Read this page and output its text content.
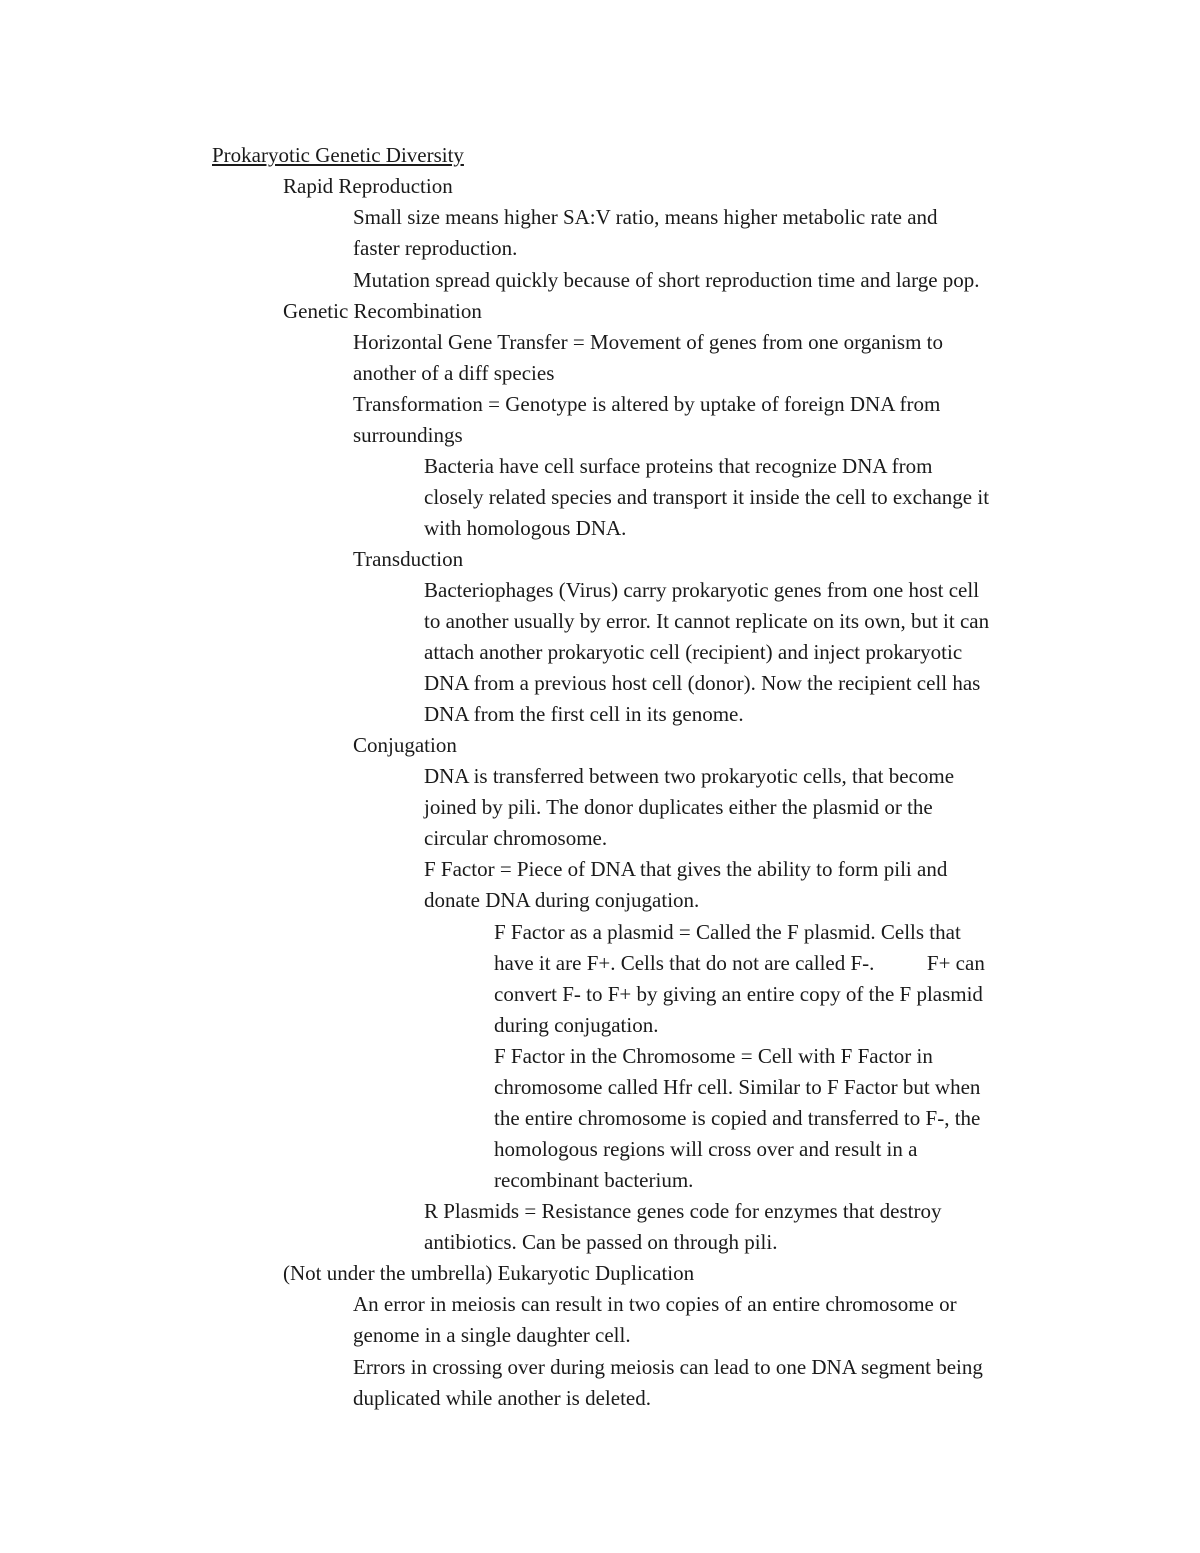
Prokaryotic Genetic Diversity
Rapid Reproduction
Small size means higher SA:V ratio, means higher metabolic rate and
faster reproduction.
Mutation spread quickly because of short reproduction time and large pop.
Genetic Recombination
Horizontal Gene Transfer = Movement of genes from one organism to
another of a diff species
Transformation = Genotype is altered by uptake of foreign DNA from
surroundings
Bacteria have cell surface proteins that recognize DNA from
closely related species and transport it inside the cell to exchange it
with homologous DNA.
Transduction
Bacteriophages (Virus) carry prokaryotic genes from one host cell
to another usually by error. It cannot replicate on its own, but it can
attach another prokaryotic cell (recipient) and inject prokaryotic
DNA from a previous host cell (donor). Now the recipient cell has
DNA from the first cell in its genome.
Conjugation
DNA is transferred between two prokaryotic cells, that become
joined by pili. The donor duplicates either the plasmid or the
circular chromosome.
F Factor = Piece of DNA that gives the ability to form pili and
donate DNA during conjugation.
F Factor as a plasmid = Called the F plasmid. Cells that
have it are F+. Cells that do not are called F-.          F+ can
convert F- to F+ by giving an entire copy of the F plasmid
during conjugation.
F Factor in the Chromosome = Cell with F Factor in
chromosome called Hfr cell. Similar to F Factor but when
the entire chromosome is copied and transferred to F-, the
homologous regions will cross over and result in a
recombinant bacterium.
R Plasmids = Resistance genes code for enzymes that destroy
antibiotics. Can be passed on through pili.
(Not under the umbrella) Eukaryotic Duplication
An error in meiosis can result in two copies of an entire chromosome or
genome in a single daughter cell.
Errors in crossing over during meiosis can lead to one DNA segment being
duplicated while another is deleted.
